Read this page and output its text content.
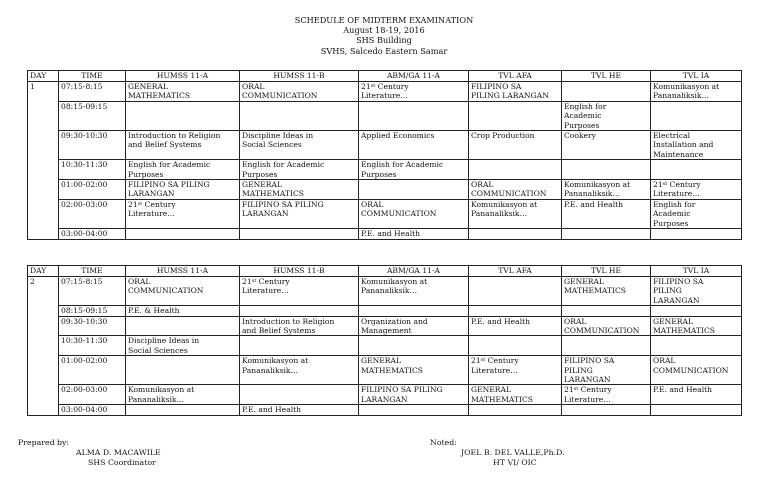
SCHEDULE OF MIDTERM EXAMINATION
August 18-19, 2016
SHS Building
SVHS, Salcedo Eastern Samar
DAY	TIME	HUMSS 11-A	HUMSS 11-B	ABM/GA 11-A	TVL AFA	TVL HE	TVL IA
1	07:15-8:15	GENERAL
MATHEMATICS	ORAL
COMMUNICATION	21st Century
Literature…	FILIPINO SA
PILING LARANGAN		Komunikasyon at
Pananaliksik…
	08:15-09:15					English for
Academic
Purposes	
	09:30-10:30	Introduction to Religion
and Belief Systems	Discipline Ideas in
Social Sciences	Applied Economics	Crop Production	Cookery	Electrical
Installation and
Maintenance
	10:30-11:30	English for Academic
Purposes	English for Academic
Purposes	English for Academic
Purposes			
	01:00-02:00	FILIPINO SA PILING
LARANGAN	GENERAL
MATHEMATICS		ORAL
COMMUNICATION	Komunikasyon at
Pananaliksik…	21st Century
Literature…
	02:00-03:00	21st Century
Literature…	FILIPINO SA PILING
LARANGAN	ORAL
COMMUNICATION	Komunikasyon at
Pananaliksik…	P.E. and Health	English for
Academic
Purposes
	03:00-04:00			P.E. and Health			
DAY	TIME	HUMSS 11-A	HUMSS 11-B	ABM/GA 11-A	TVL AFA	TVL HE	TVL IA
2	07:15-8:15	ORAL
COMMUNICATION	21st Century
Literature…	Komunikasyon at
Pananaliksik…		GENERAL
MATHEMATICS	FILIPINO SA
PILING
LARANGAN
	08:15-09:15	P.E. & Health					
	09:30-10:30		Introduction to Religion
and Belief Systems	Organization and
Management	P.E. and Health	ORAL
COMMUNICATION	GENERAL
MATHEMATICS
	10:30-11:30	Discipline Ideas in
Social Sciences					
	01:00-02:00		Komunikasyon at
Pananaliksik…	GENERAL
MATHEMATICS	21st Century
Literature…	FILIPINO SA
PILING
LARANGAN	ORAL
COMMUNICATION
	02:00-03:00	Komunikasyon at
Pananaliksik…		FILIPINO SA PILING
LARANGAN	GENERAL
MATHEMATICS	21st Century
Literature…	P.E. and Health
	03:00-04:00		P.E. and Health				
Prepared by:
ALMA D. MACAWILE
SHS Coordinator
Noted:
JOEL B. DEL VALLE,Ph.D.
HT VI/ OIC
